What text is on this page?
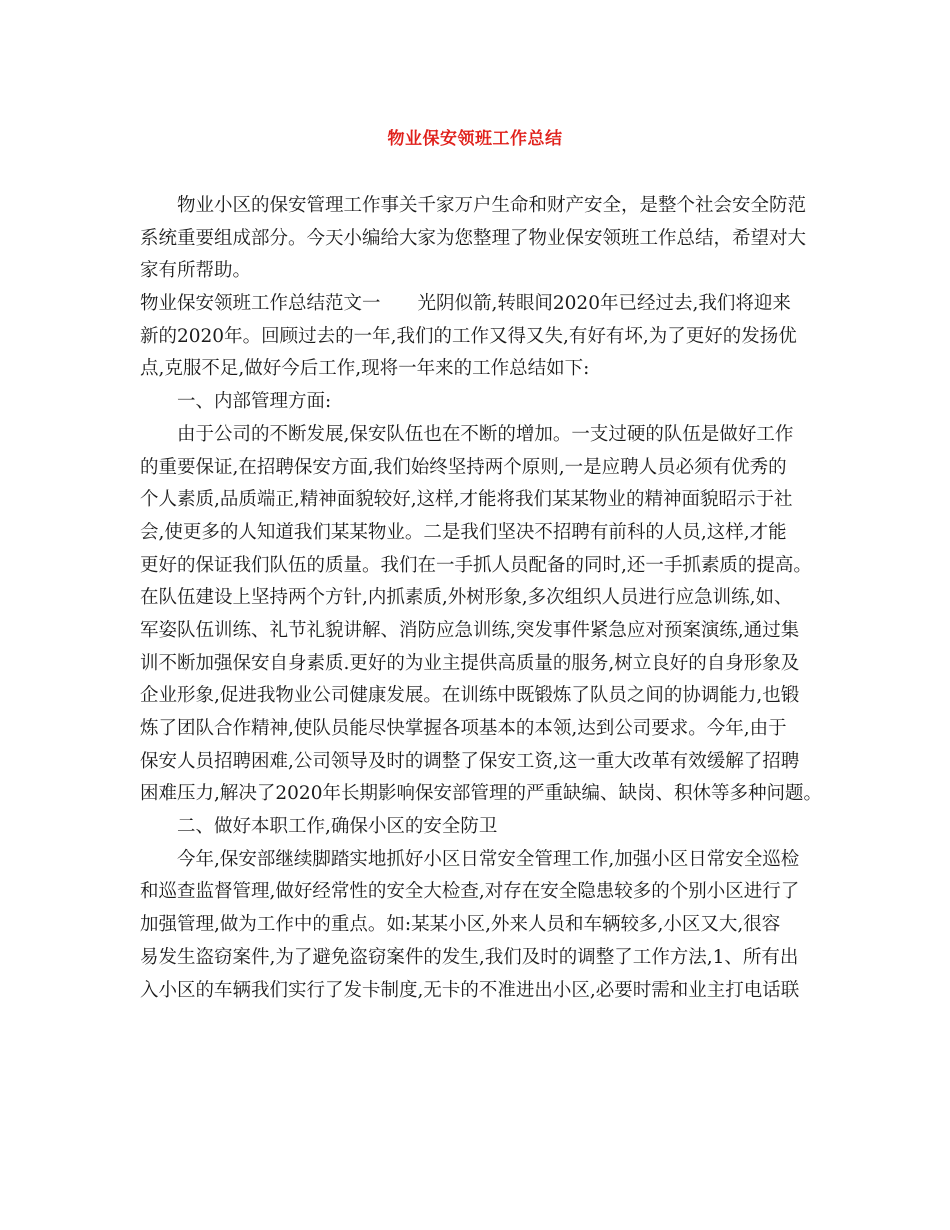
物业保安领班工作总结
物业小区的保安管理工作事关千家万户生命和财产安全，是整个社会安全防范
系统重要组成部分。今天小编给大家为您整理了物业保安领班工作总结，希望对大
家有所帮助。
物业保安领班工作总结范文一　　光阴似箭,转眼间2020年已经过去,我们将迎来
新的2020年。回顾过去的一年,我们的工作又得又失,有好有坏,为了更好的发扬优
点,克服不足,做好今后工作,现将一年来的工作总结如下:
一、内部管理方面:
由于公司的不断发展,保安队伍也在不断的增加。一支过硬的队伍是做好工作
的重要保证,在招聘保安方面,我们始终坚持两个原则,一是应聘人员必须有优秀的
个人素质,品质端正,精神面貌较好,这样,才能将我们某某物业的精神面貌昭示于社
会,使更多的人知道我们某某物业。二是我们坚决不招聘有前科的人员,这样,才能
更好的保证我们队伍的质量。我们在一手抓人员配备的同时,还一手抓素质的提高。
在队伍建设上坚持两个方针,内抓素质,外树形象,多次组织人员进行应急训练,如、
军姿队伍训练、礼节礼貌讲解、消防应急训练,突发事件紧急应对预案演练,通过集
训不断加强保安自身素质.更好的为业主提供高质量的服务,树立良好的自身形象及
企业形象,促进我物业公司健康发展。在训练中既锻炼了队员之间的协调能力,也锻
炼了团队合作精神,使队员能尽快掌握各项基本的本领,达到公司要求。今年,由于
保安人员招聘困难,公司领导及时的调整了保安工资,这一重大改革有效缓解了招聘
困难压力,解决了2020年长期影响保安部管理的严重缺编、缺岗、积休等多种问题。
二、做好本职工作,确保小区的安全防卫
今年,保安部继续脚踏实地抓好小区日常安全管理工作,加强小区日常安全巡检
和巡查监督管理,做好经常性的安全大检查,对存在安全隐患较多的个别小区进行了
加强管理,做为工作中的重点。如:某某小区,外来人员和车辆较多,小区又大,很容
易发生盗窃案件,为了避免盗窃案件的发生,我们及时的调整了工作方法,1、所有出
入小区的车辆我们实行了发卡制度,无卡的不准进出小区,必要时需和业主打电话联
